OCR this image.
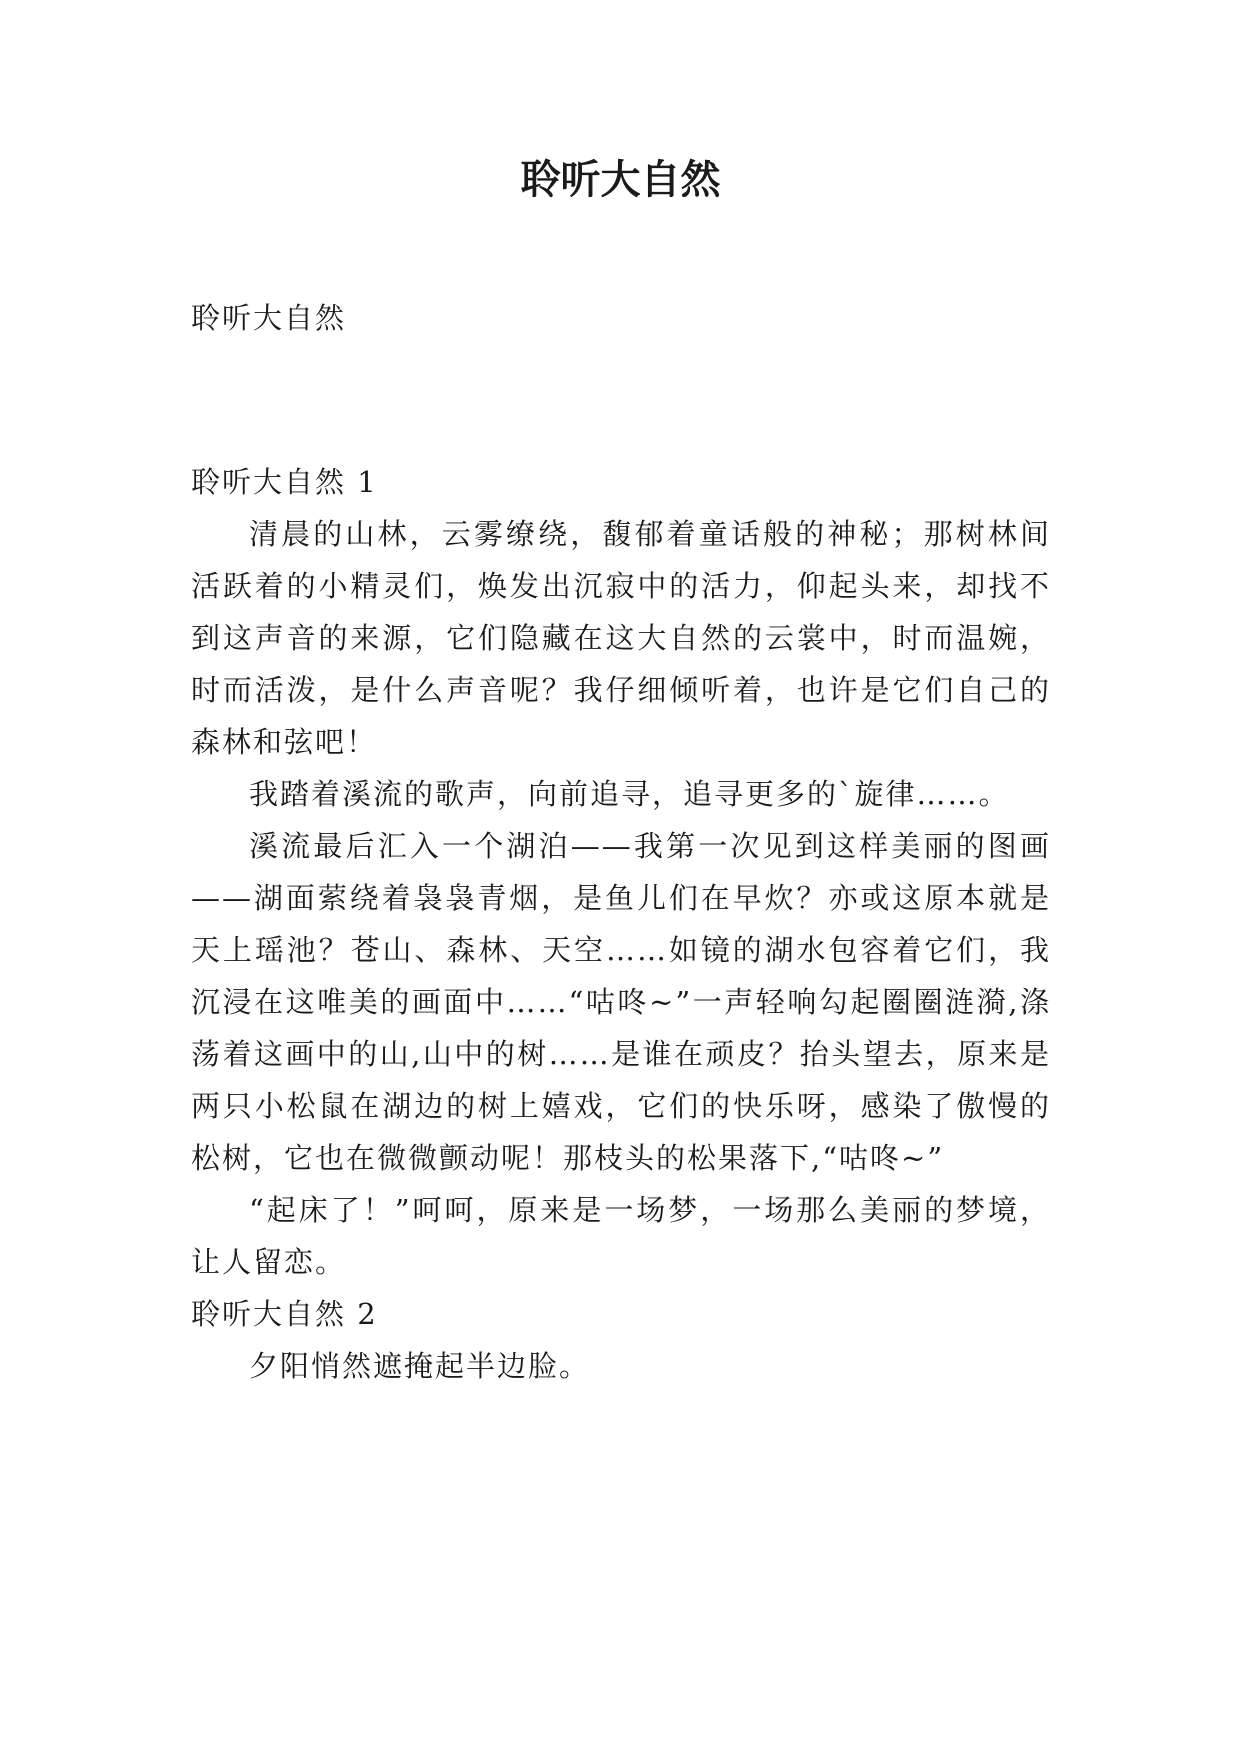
聆听大自然

聆听大自然

聆听大自然 1

清晨的山林，云雾缭绕，馥郁着童话般的神秘；那树林间活跃着的小精灵们，焕发出沉寂中的活力，仰起头来，却找不到这声音的来源，它们隐藏在这大自然的云裳中，时而温婉，时而活泼，是什么声音呢？我仔细倾听着，也许是它们自己的森林和弦吧！

我踏着溪流的歌声，向前追寻，追寻更多的`旋律……。

溪流最后汇入一个湖泊——我第一次见到这样美丽的图画——湖面萦绕着袅袅青烟，是鱼儿们在早炊？亦或这原本就是天上瑶池？苍山、森林、天空……如镜的湖水包容着它们，我沉浸在这唯美的画面中……“咕咚~”一声轻响勾起圈圈涟漪,涤荡着这画中的山,山中的树……是谁在顽皮？抬头望去，原来是两只小松鼠在湖边的树上嬉戏，它们的快乐呀，感染了傲慢的松树，它也在微微颤动呢！那枝头的松果落下,“咕咚~”

“起床了！”呵呵，原来是一场梦，一场那么美丽的梦境，让人留恋。

聆听大自然 2

夕阳悄然遮掩起半边脸。
